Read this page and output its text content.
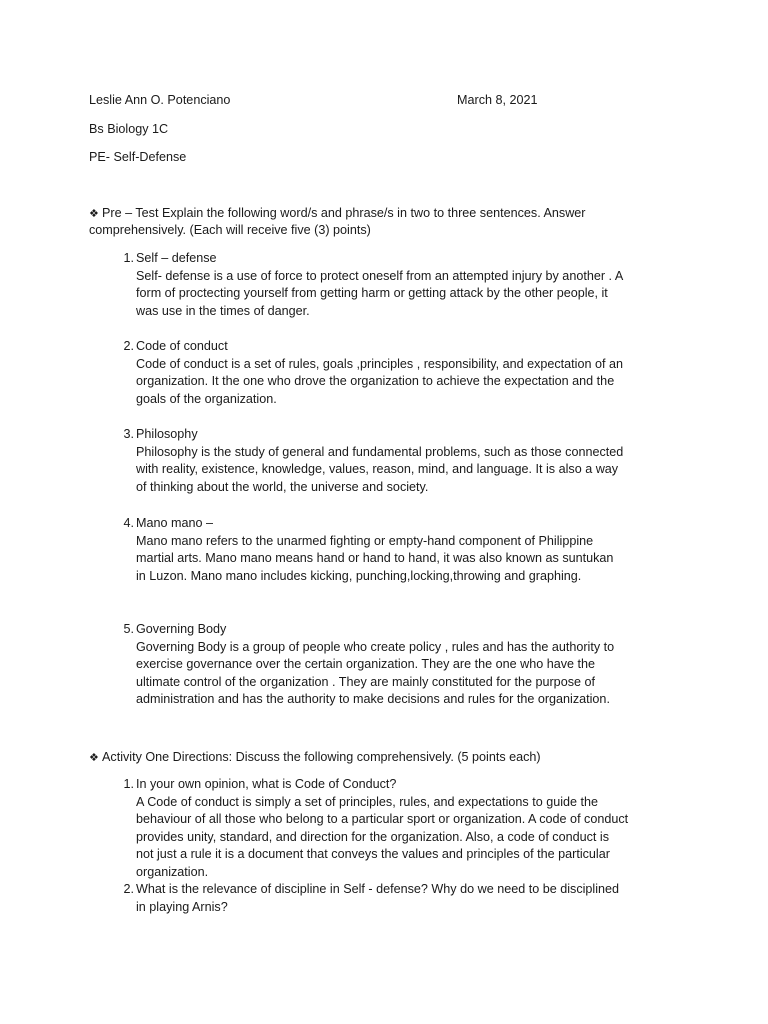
Leslie Ann O. Potenciano	March 8, 2021
Bs Biology 1C
PE- Self-Defense
❖ Pre – Test Explain the following word/s and phrase/s in two to three sentences. Answer
comprehensively. (Each will receive five (3) points)
1. Self – defense
Self- defense is a use of force to protect oneself from an attempted injury by another . A
form of proctecting yourself from getting harm or getting attack by the other people, it
was use in the times of danger.
2. Code of conduct
Code of conduct is a set of rules, goals ,principles , responsibility, and expectation of an
organization. It the one who drove the organization to achieve the expectation and the
goals of the organization.
3. Philosophy
Philosophy is the study of general and fundamental problems, such as those connected
with reality, existence, knowledge, values, reason, mind, and language. It is also a way
of thinking about the world, the universe and society.
4. Mano mano –
Mano mano refers to the unarmed fighting or empty-hand component of Philippine
martial arts. Mano mano means hand or hand to hand, it was also known as suntukan
in Luzon. Mano mano includes kicking, punching,locking,throwing and graphing.
5. Governing Body
Governing Body is a group of people who create policy , rules and has the authority to
exercise governance over the certain organization. They are the one who have the
ultimate control of the organization . They are mainly constituted for the purpose of
administration and has the authority to make decisions and rules for the organization.
❖ Activity One Directions: Discuss the following comprehensively. (5 points each)
1. In your own opinion, what is Code of Conduct?
A Code of conduct is simply a set of principles, rules, and expectations to guide the
behaviour of all those who belong to a particular sport or organization. A code of conduct
provides unity, standard, and direction for the organization. Also, a code of conduct is
not just a rule it is a document that conveys the values and principles of the particular
organization.
2. What is the relevance of discipline in Self - defense? Why do we need to be disciplined
in playing Arnis?
